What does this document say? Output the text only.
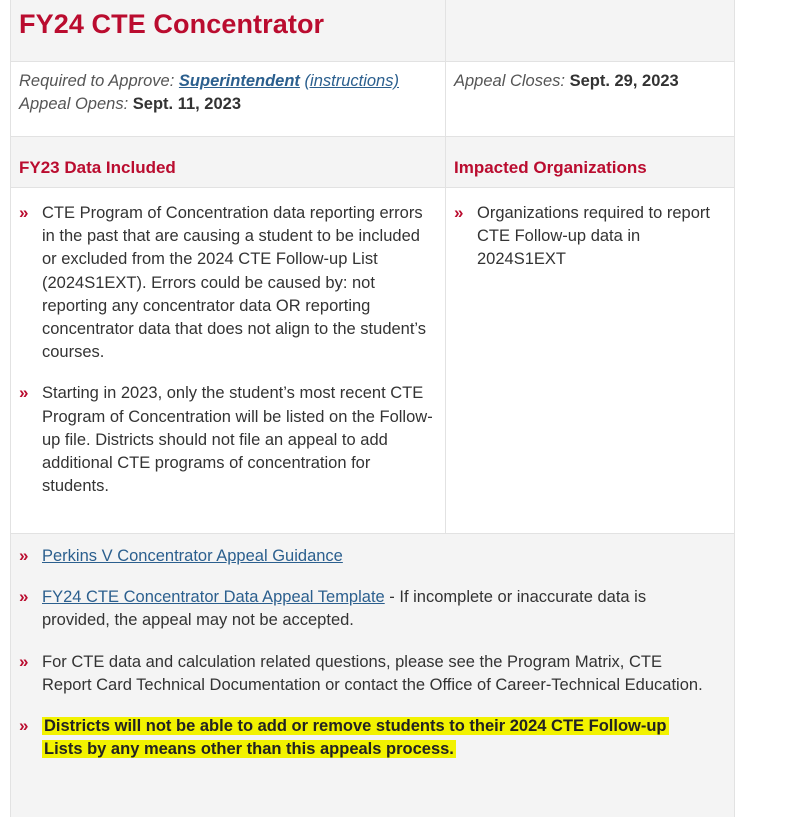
FY24 CTE Concentrator
Required to Approve: Superintendent (instructions)
Appeal Opens: Sept. 11, 2023
Appeal Closes: Sept. 29, 2023
FY23 Data Included	Impacted Organizations
» CTE Program of Concentration data reporting errors in the past that are causing a student to be included or excluded from the 2024 CTE Follow-up List (2024S1EXT). Errors could be caused by: not reporting any concentrator data OR reporting concentrator data that does not align to the student’s courses.
» Starting in 2023, only the student’s most recent CTE Program of Concentration will be listed on the Follow-up file. Districts should not file an appeal to add additional CTE programs of concentration for students.
» Organizations required to report CTE Follow-up data in 2024S1EXT
» Perkins V Concentrator Appeal Guidance
» FY24 CTE Concentrator Data Appeal Template - If incomplete or inaccurate data is provided, the appeal may not be accepted.
» For CTE data and calculation related questions, please see the Program Matrix, CTE Report Card Technical Documentation or contact the Office of Career-Technical Education.
» Districts will not be able to add or remove students to their 2024 CTE Follow-up Lists by any means other than this appeals process.
